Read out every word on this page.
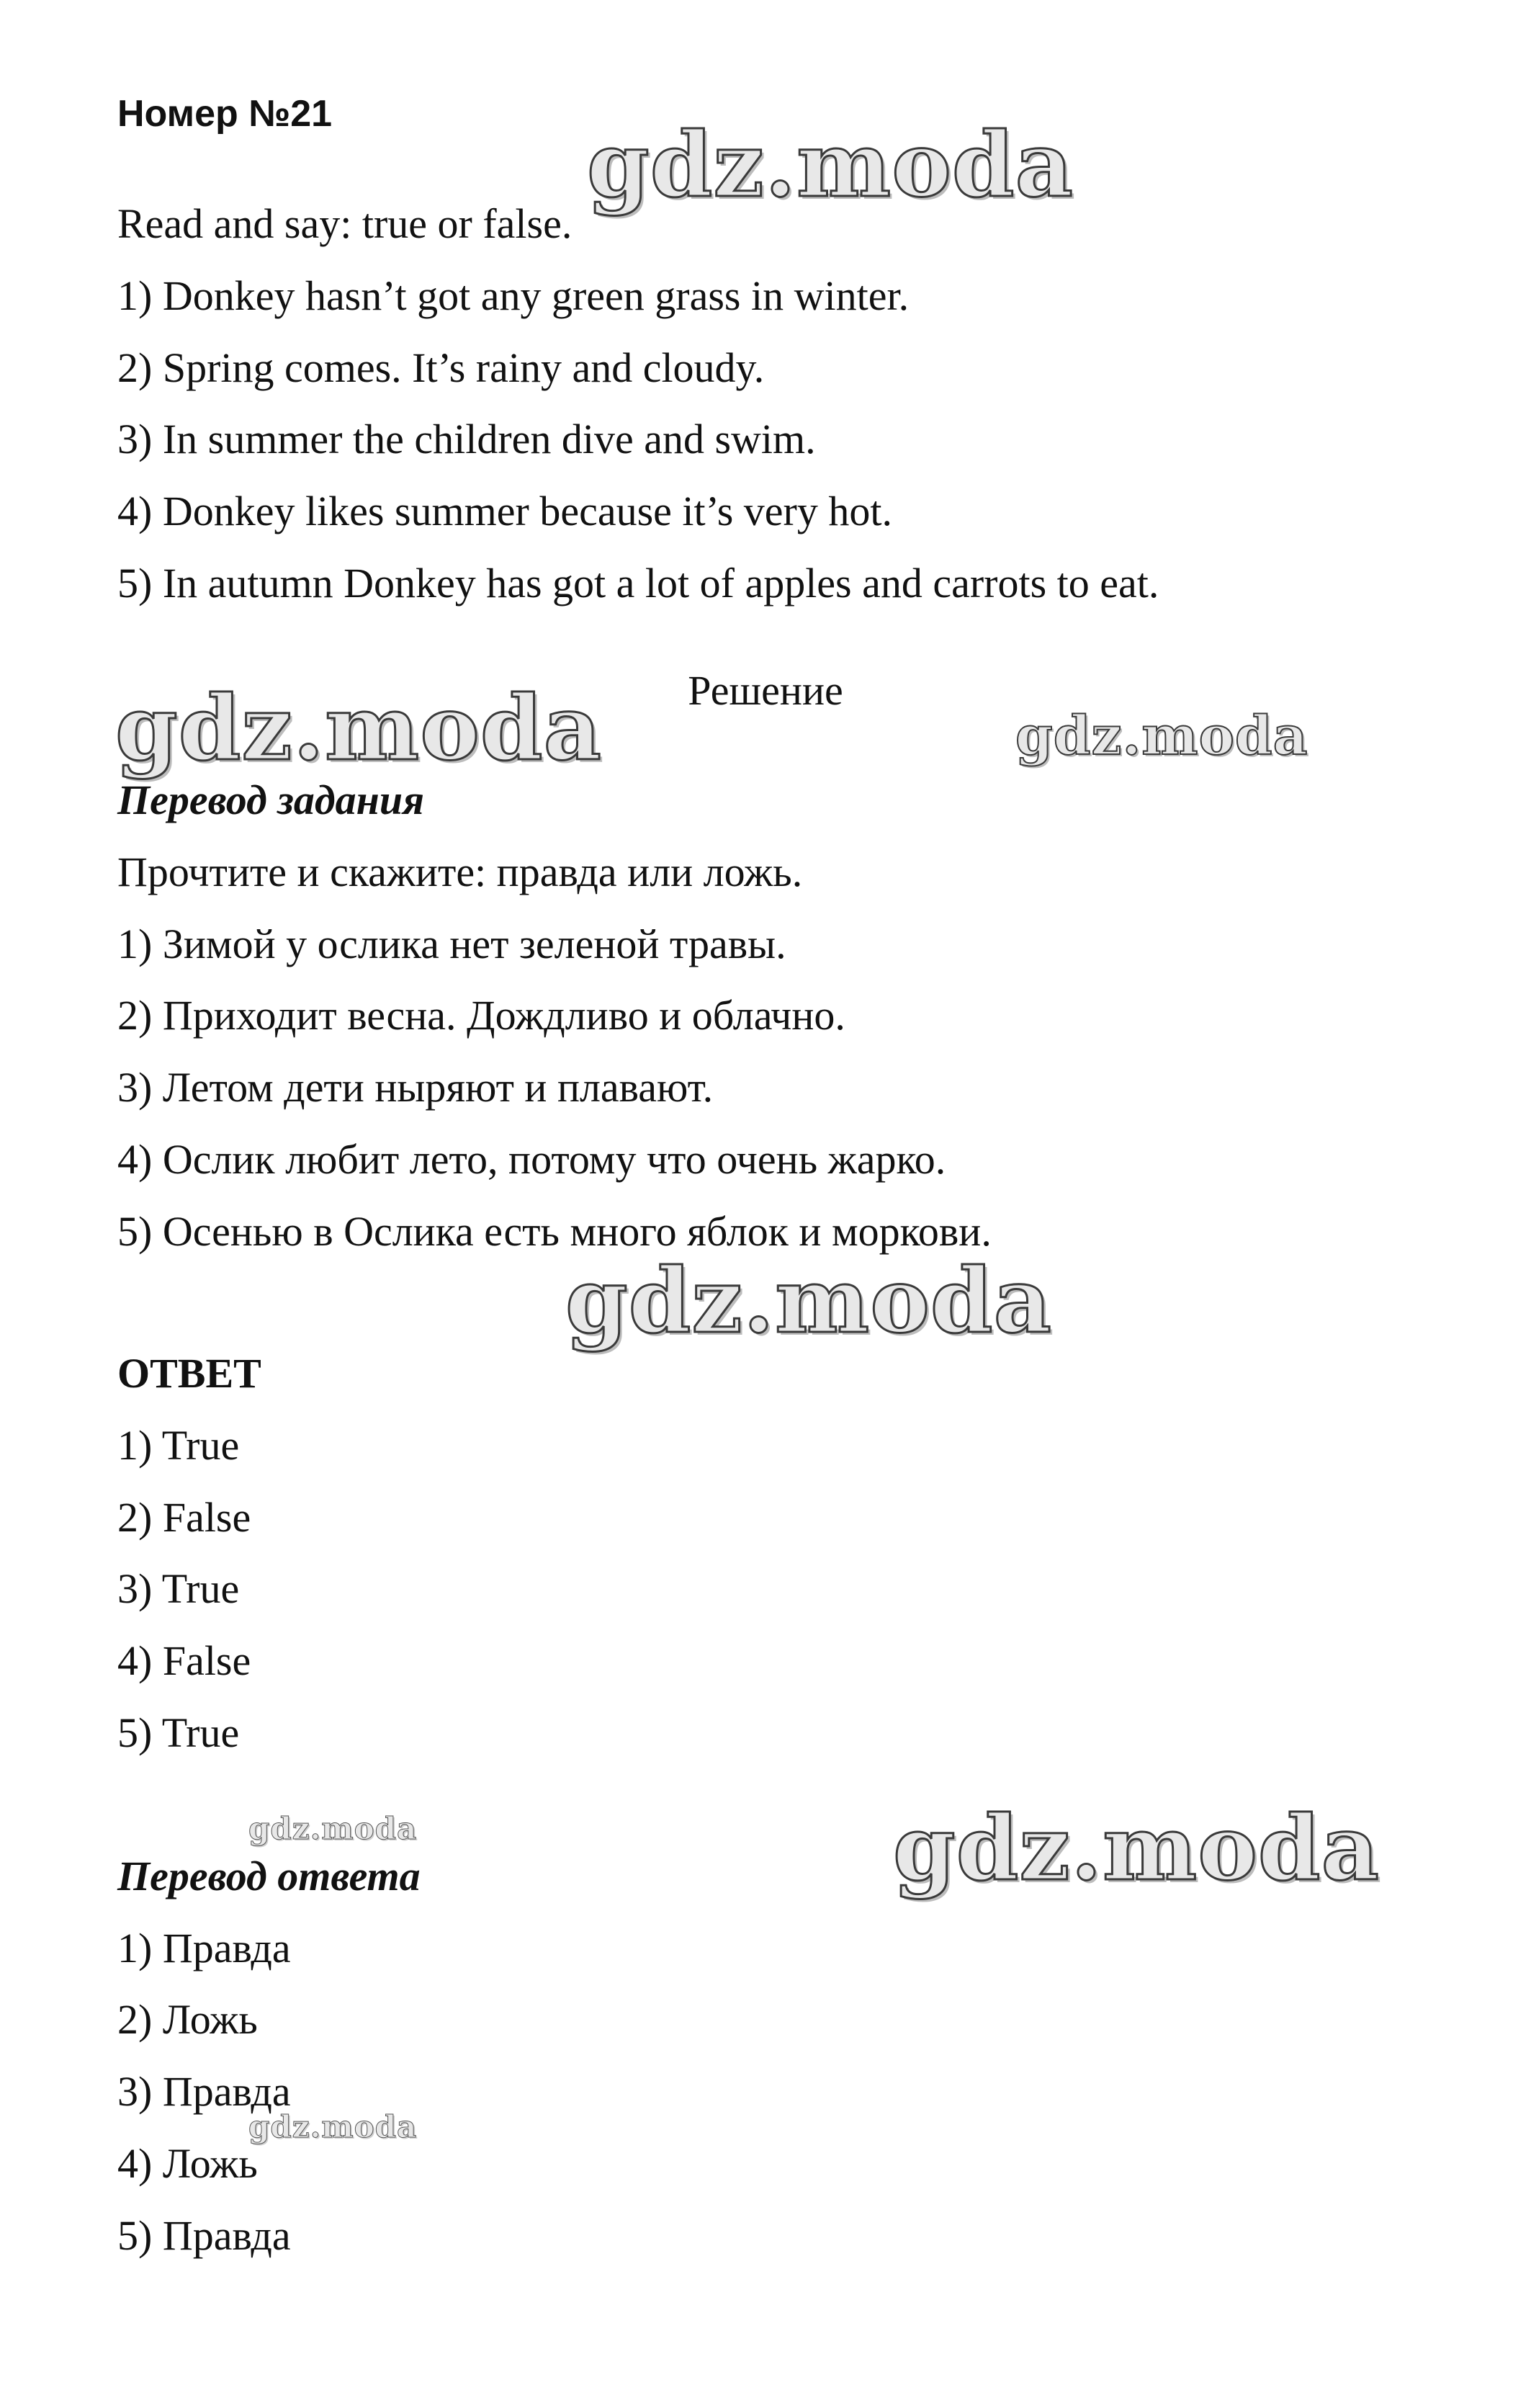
Номер №21
Read and say: true or false.
1) Donkey hasn’t got any green grass in winter.
2) Spring comes. It’s rainy and cloudy.
3) In summer the children dive and swim.
4) Donkey likes summer because it’s very hot.
5) In autumn Donkey has got a lot of apples and carrots to eat.
Решение
Перевод задания
Прочтите и скажите: правда или ложь.
1) Зимой у ослика нет зеленой травы.
2) Приходит весна. Дождливо и облачно.
3) Летом дети ныряют и плавают.
4) Ослик любит лето, потому что очень жарко.
5) Осенью в Ослика есть много яблок и моркови.
ОТВЕТ
1) True
2) False
3) True
4) False
5) True
Перевод ответа
1) Правда
2) Ложь
3) Правда
4) Ложь
5) Правда
gdz.moda
gdz.moda	gdz.moda
gdz.moda
gdz.moda	gdz.moda
gdz.moda
